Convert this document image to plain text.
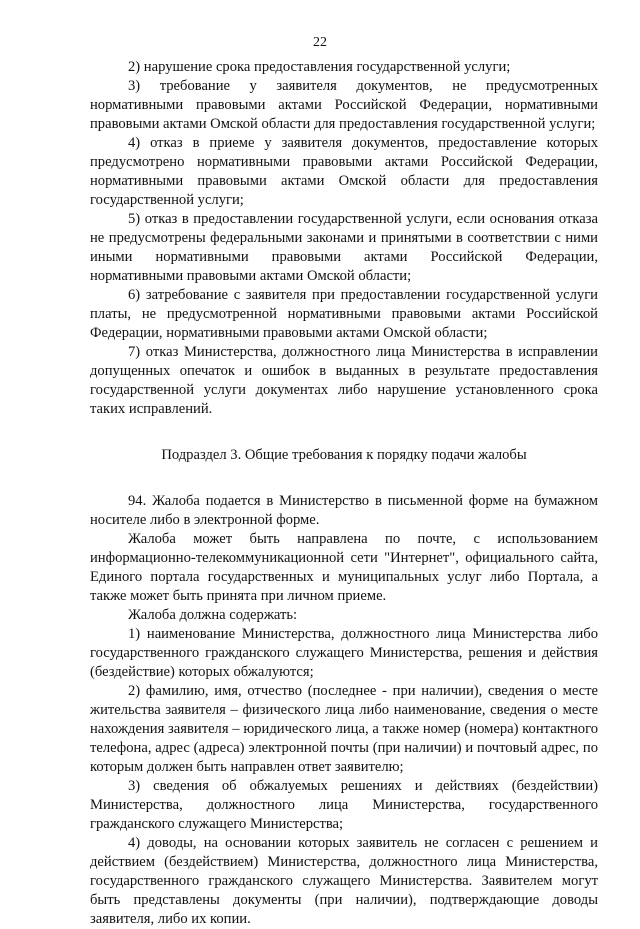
22

2) нарушение срока предоставления государственной услуги;

3) требование у заявителя документов, не предусмотренных нормативными правовыми актами Российской Федерации, нормативными правовыми актами Омской области для предоставления государственной услуги;

4) отказ в приеме у заявителя документов, предоставление которых предусмотрено нормативными правовыми актами Российской Федерации, нормативными правовыми актами Омской области для предоставления государственной услуги;

5) отказ в предоставлении государственной услуги, если основания отказа не предусмотрены федеральными законами и принятыми в соответствии с ними иными нормативными правовыми актами Российской Федерации, нормативными правовыми актами Омской области;

6) затребование с заявителя при предоставлении государственной услуги платы, не предусмотренной нормативными правовыми актами Российской Федерации, нормативными правовыми актами Омской области;

7) отказ Министерства, должностного лица Министерства в исправлении допущенных опечаток и ошибок в выданных в результате предоставления государственной услуги документах либо нарушение установленного срока таких исправлений.

Подраздел 3. Общие требования к порядку подачи жалобы

94. Жалоба подается в Министерство в письменной форме на бумажном носителе либо в электронной форме.

Жалоба может быть направлена по почте, с использованием информационно-телекоммуникационной сети "Интернет", официального сайта, Единого портала государственных и муниципальных услуг либо Портала, а также может быть принята при личном приеме.

Жалоба должна содержать:

1) наименование Министерства, должностного лица Министерства либо государственного гражданского служащего Министерства, решения и действия (бездействие) которых обжалуются;

2) фамилию, имя, отчество (последнее - при наличии), сведения о месте жительства заявителя – физического лица либо наименование, сведения о месте нахождения заявителя – юридического лица, а также номер (номера) контактного телефона, адрес (адреса) электронной почты (при наличии) и почтовый адрес, по которым должен быть направлен ответ заявителю;

3) сведения об обжалуемых решениях и действиях (бездействии) Министерства, должностного лица Министерства, государственного гражданского служащего Министерства;

4) доводы, на основании которых заявитель не согласен с решением и действием (бездействием) Министерства, должностного лица Министерства, государственного гражданского служащего Министерства. Заявителем могут быть представлены документы (при наличии), подтверждающие доводы заявителя, либо их копии.
